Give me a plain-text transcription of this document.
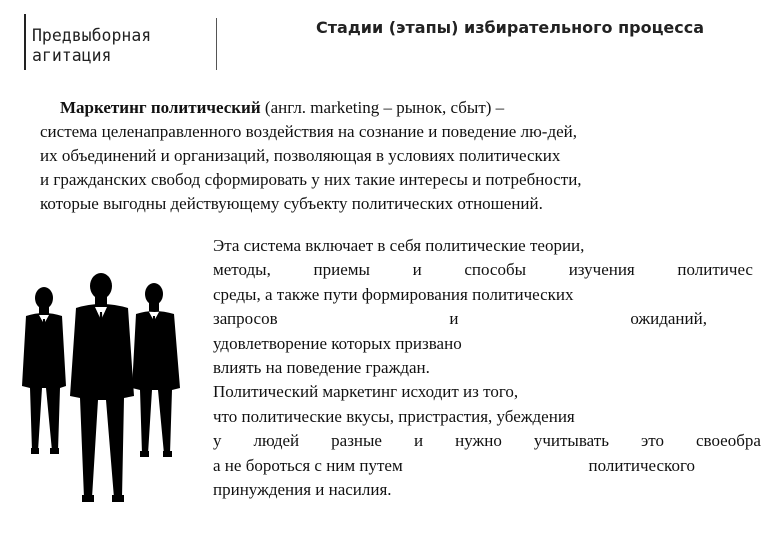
Предвыборная
агитация
Стадии (этапы) избирательного процесса
Маркетинг политический (англ. marketing – рынок, сбыт) –
система целенаправленного воздействия на сознание и поведение лю-дей,
их объединений и организаций, позволяющая в условиях политических
и гражданских свобод сформировать у них такие интересы и потребности,
которые выгодны действующему субъекту политических отношений.
Эта система включает в себя политические теории,
методы,	приемы	и	способы	изучения	политичес
среды, а также пути формирования политических
запросов	и	ожиданий,
удовлетворение которых призвано
влиять на поведение граждан.
Политический маркетинг исходит из того,
что политические вкусы, пристрастия, убеждения
у людей разные и нужно учитывать это своеобра
а не бороться с ним путем	политического
принуждения и насилия.
